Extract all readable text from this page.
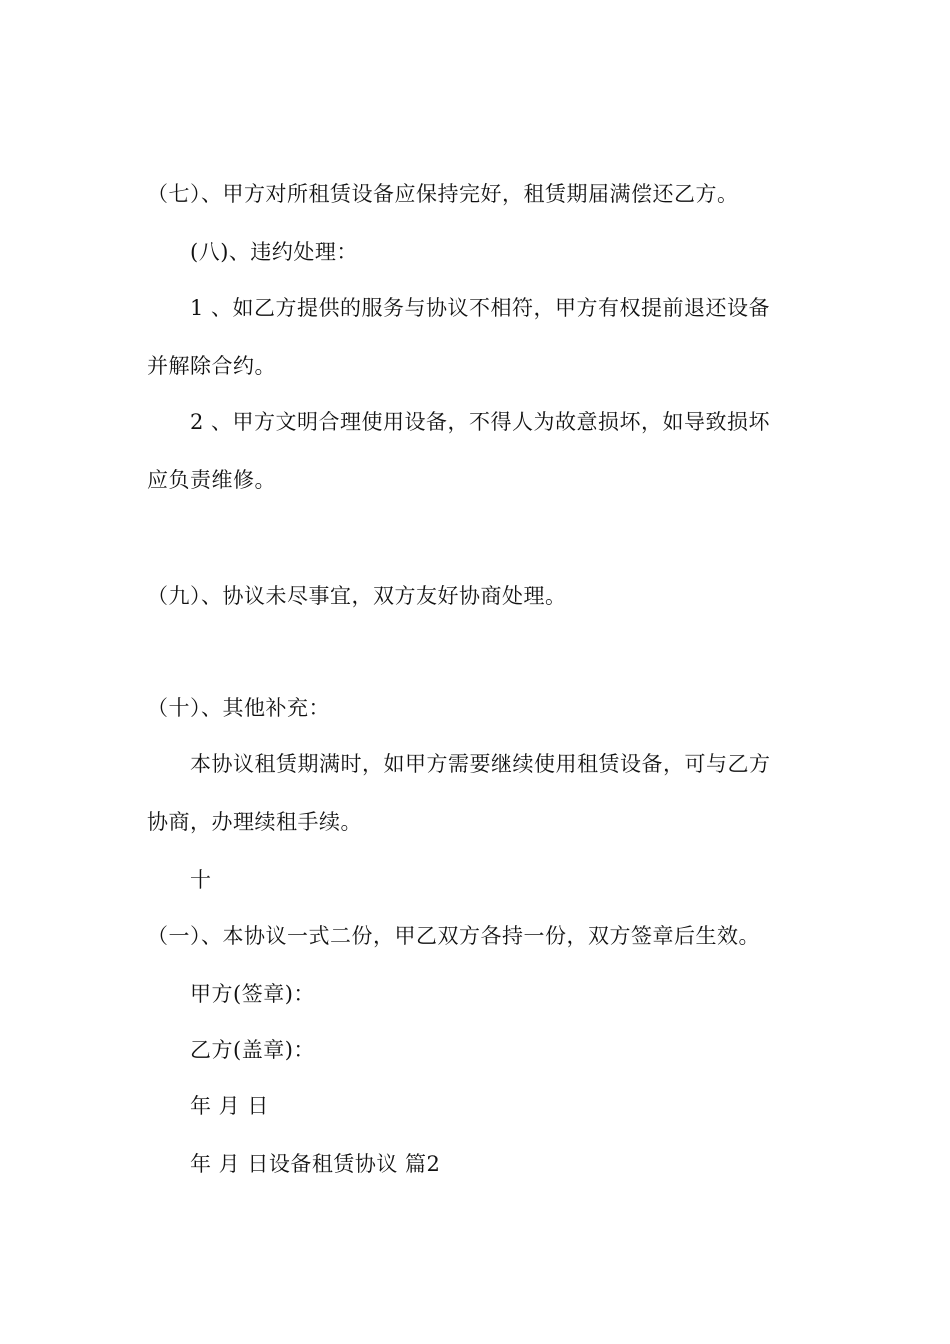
（七）、甲方对所租赁设备应保持完好，租赁期届满偿还乙方。
(八)、违约处理：
1 、如乙方提供的服务与协议不相符，甲方有权提前退还设备
并解除合约。
2 、甲方文明合理使用设备，不得人为故意损坏，如导致损坏
应负责维修。
（九）、协议未尽事宜，双方友好协商处理。
（十）、其他补充：
本协议租赁期满时，如甲方需要继续使用租赁设备，可与乙方
协商，办理续租手续。
十
（一）、本协议一式二份，甲乙双方各持一份，双方签章后生效。
甲方(签章)：
乙方(盖章)：
年 月 日
年 月 日设备租赁协议 篇2
